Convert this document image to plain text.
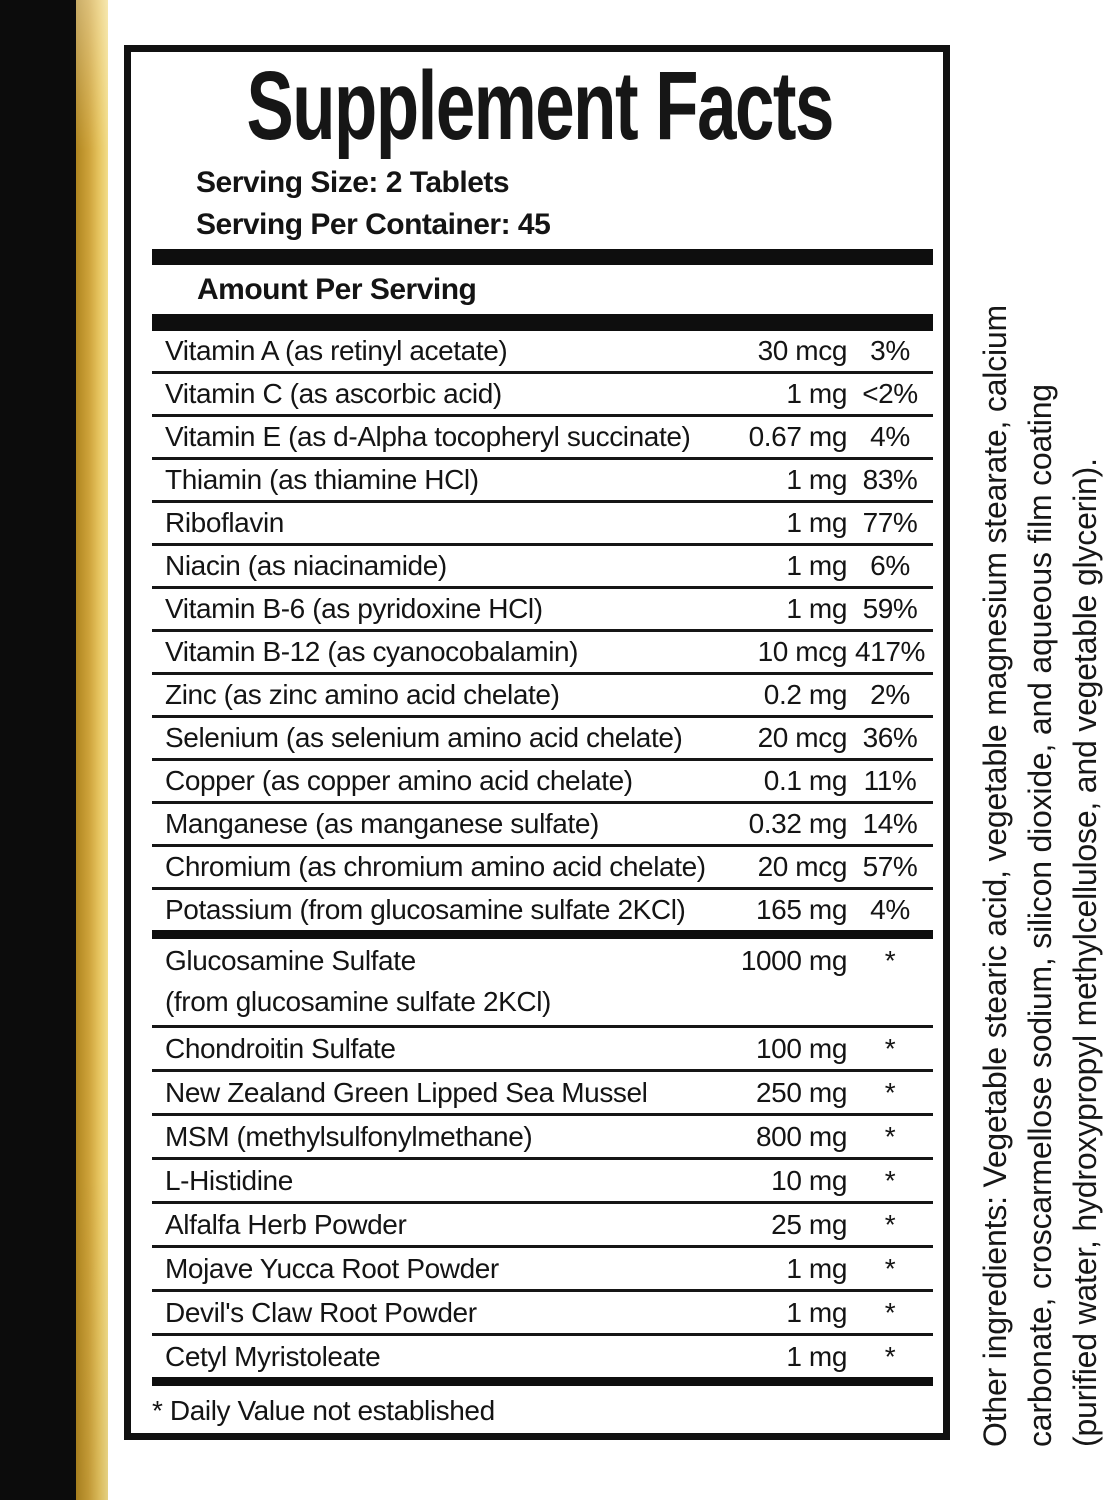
Supplement Facts
Serving Size: 2 Tablets
Serving Per Container: 45
Amount Per Serving
Vitamin A (as retinyl acetate)	30 mcg 3%
Vitamin C (as ascorbic acid)	1 mg <2%
Vitamin E (as d-Alpha tocopheryl succinate) 0.67 mg 4%
Thiamin (as thiamine HCl)	1 mg 83%
Riboflavin	1 mg 77%
Niacin (as niacinamide)	1 mg 6%
Vitamin B-6 (as pyridoxine HCl)	1 mg 59%
Vitamin B-12 (as cyanocobalamin)	10 mcg 417%
Zinc (as zinc amino acid chelate)	0.2 mg 2%
Selenium (as selenium amino acid chelate)	20 mcg 36%
Copper (as copper amino acid chelate)	0.1 mg 11%
Manganese (as manganese sulfate)	0.32 mg 14%
Chromium (as chromium amino acid chelate) 20 mcg 57%
Potassium (from glucosamine sulfate 2KCl)	165 mg 4%
Glucosamine Sulfate	1000 mg	*
(from glucosamine sulfate 2KCl)
Chondroitin Sulfate	100 mg	*
New Zealand Green Lipped Sea Mussel	250 mg	*
MSM (methylsulfonylmethane)	800 mg	*
L-Histidine	10 mg	*
Alfalfa Herb Powder	25 mg	*
Mojave Yucca Root Powder	1 mg	*
Devil's Claw Root Powder	1 mg	*
Cetyl Myristoleate	1 mg	*
* Daily Value not established	Other ingredients: Vegetable stearic acid, vegetable magnesium stearate, calcium carbonate, croscarmellose sodium, silicon dioxide, and aqueous film coating (purified water, hydroxypropyl methylcellulose, and vegetable glycerin).
